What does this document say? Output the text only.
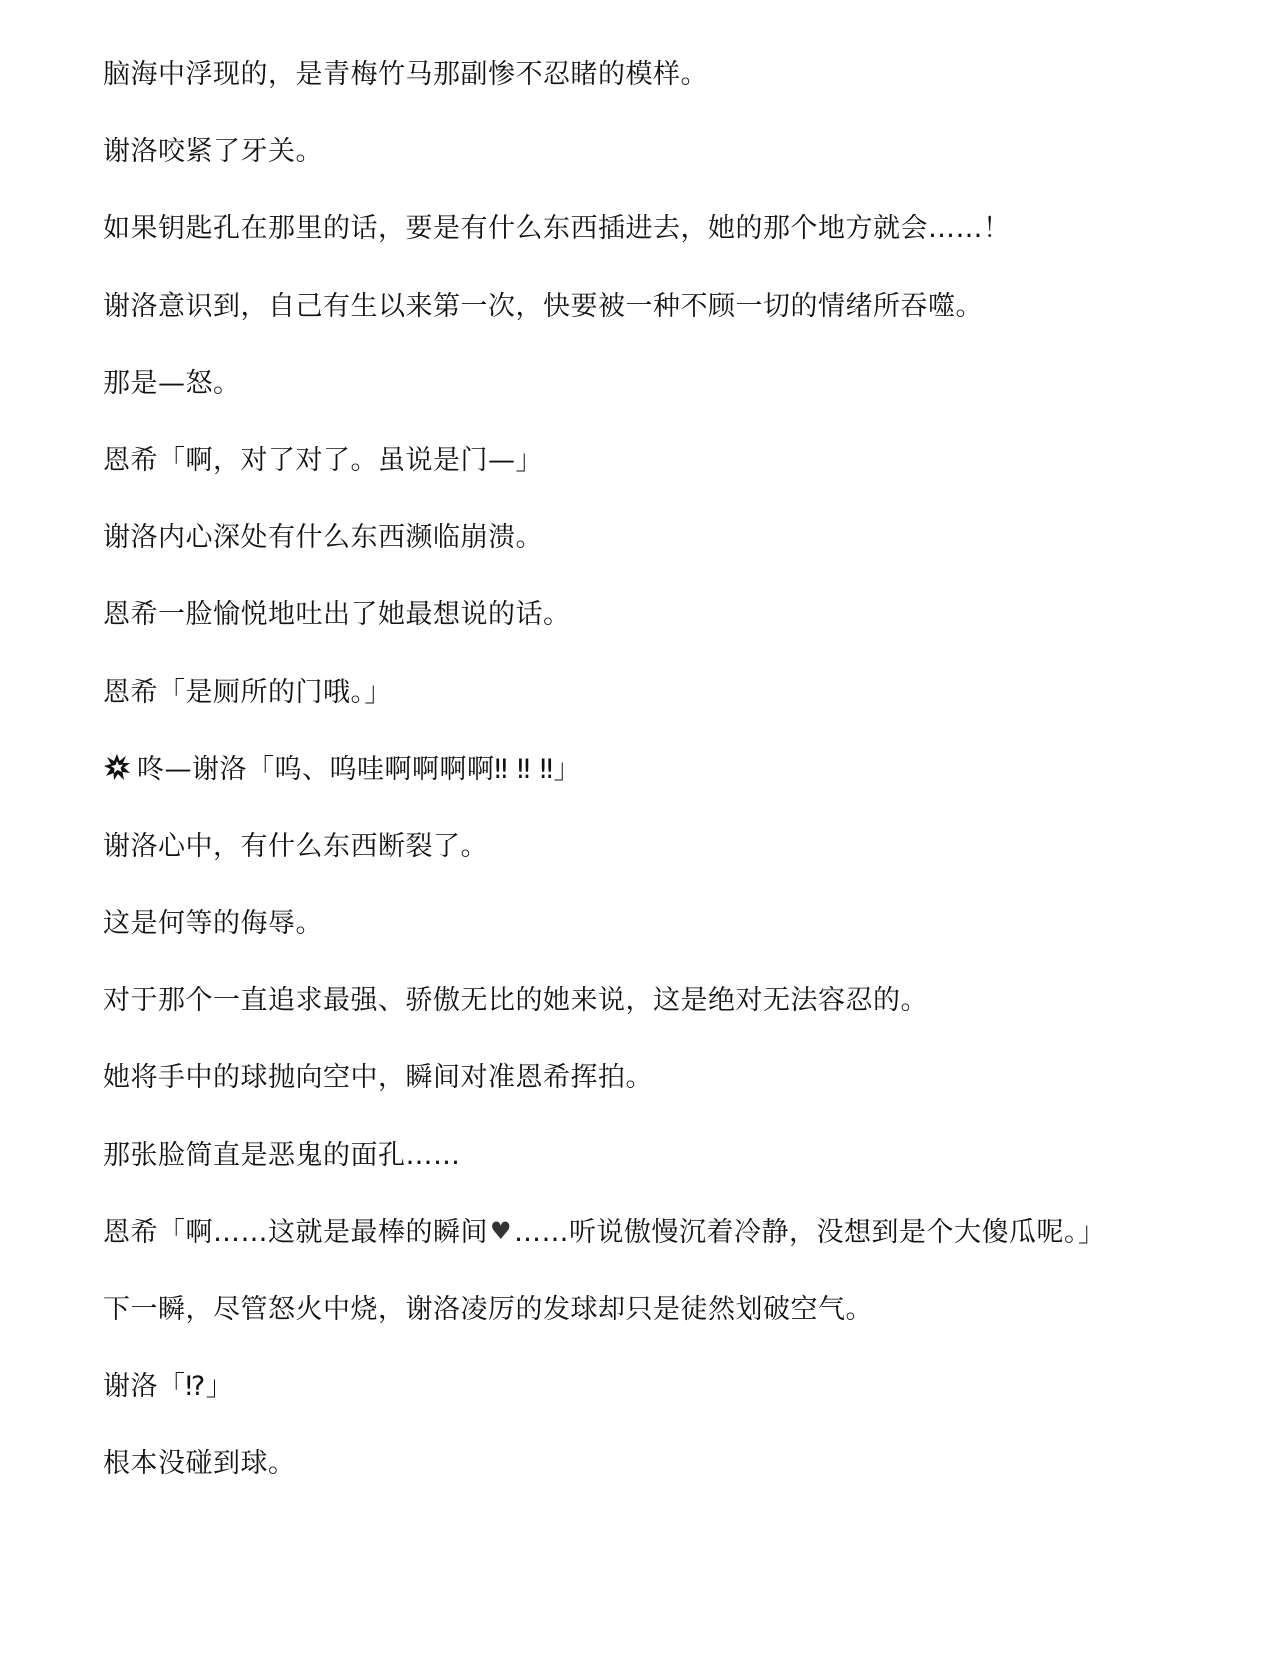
脑海中浮现的，是青梅竹马那副惨不忍睹的模样。

谢洛咬紧了牙关。

如果钥匙孔在那里的话，要是有什么东西插进去，她的那个地方就会……！

谢洛意识到，自己有生以来第一次，快要被一种不顾一切的情绪所吞噬。

那是—怒。

恩希「啊，对了对了。虽说是门—」

谢洛内心深处有什么东西濒临崩溃。

恩希一脸愉悦地吐出了她最想说的话。

恩希「是厕所的门哦。」

咚—谢洛「呜、呜哇啊啊啊啊‼ ‼ ‼」

谢洛心中，有什么东西断裂了。

这是何等的侮辱。

对于那个一直追求最强、骄傲无比的她来说，这是绝对无法容忍的。

她将手中的球抛向空中，瞬间对准恩希挥拍。

那张脸简直是恶鬼的面孔……

恩希「啊……这就是最棒的瞬间♥……听说傲慢沉着冷静，没想到是个大傻瓜呢。」

下一瞬，尽管怒火中烧，谢洛凌厉的发球却只是徒然划破空气。

谢洛「⁉」

根本没碰到球。
